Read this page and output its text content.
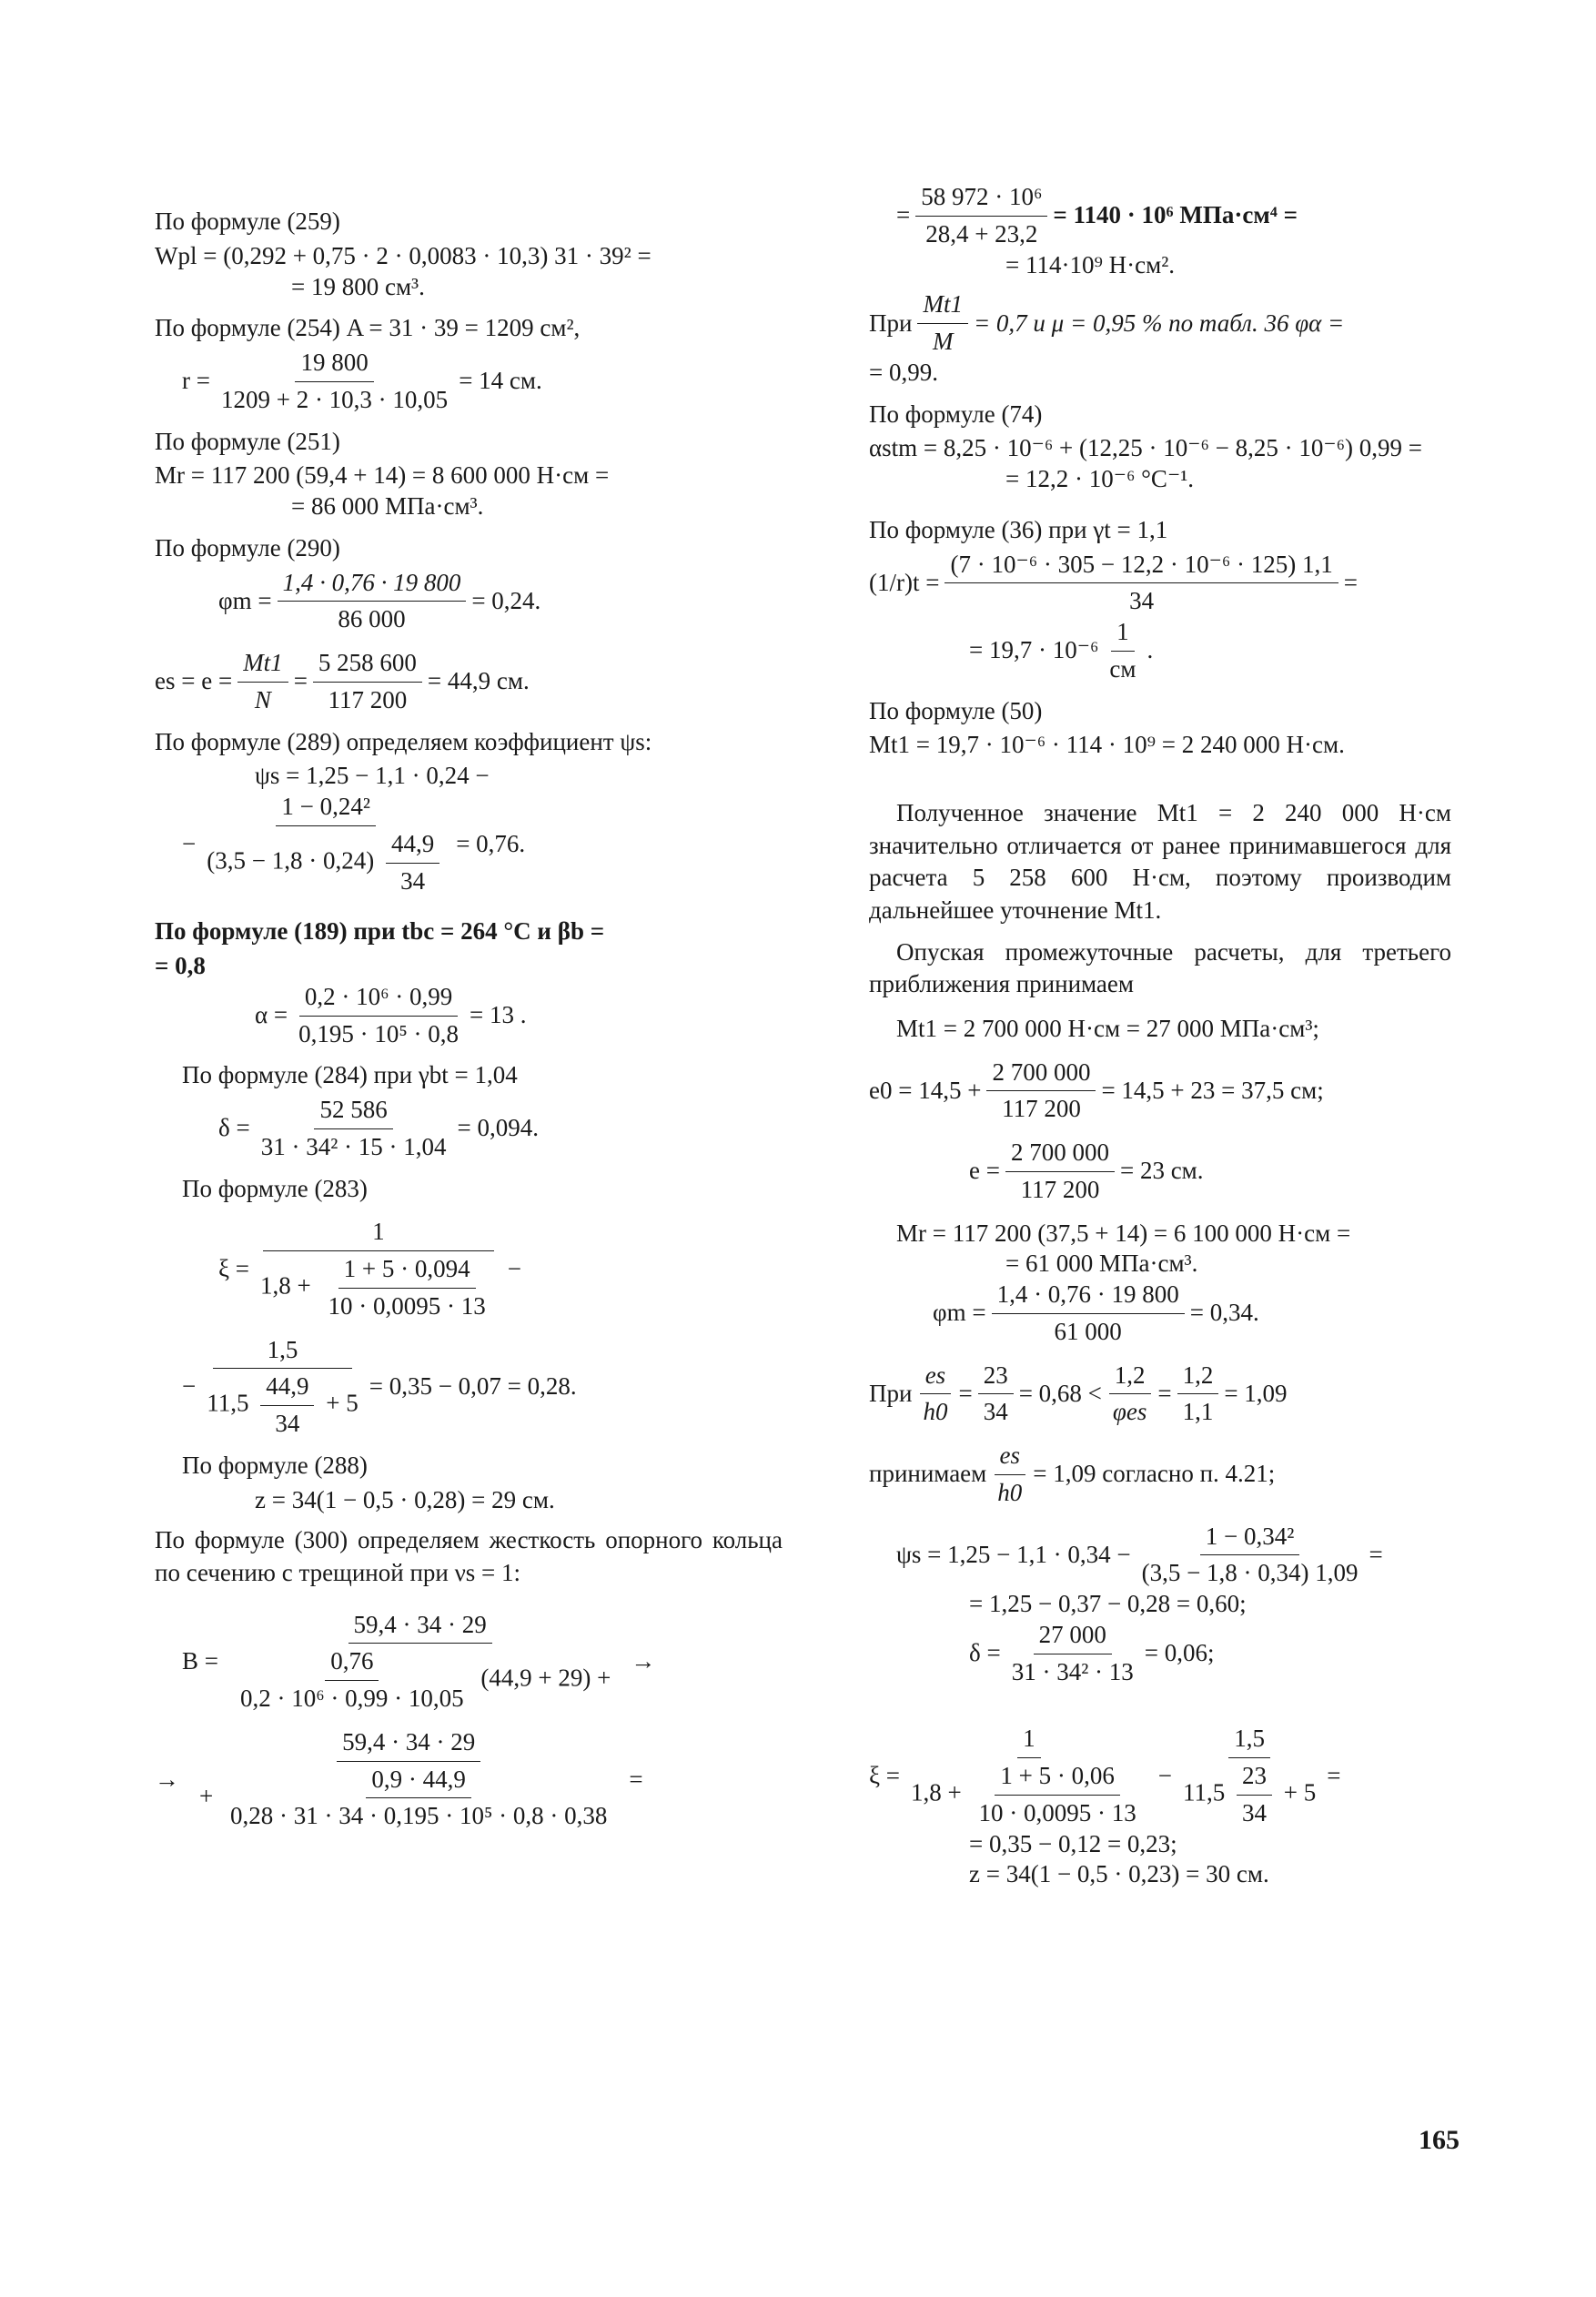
По формуле (259)
Wpl = (0,292 + 0,75 · 2 · 0,0083 · 10,3) 31 · 39² =
= 19 800 см³.
По формуле (254) A = 31 · 39 = 1209 см²,
$r = \frac{19 800}{1209 + 2 \cdot 10,3 \cdot 10,05} = 14$ см.
По формуле (251)
Mr = 117 200 (59,4 + 14) = 8 600 000 Н·см =
= 86 000 МПа·см³.
По формуле (290)
$\varphi m = \frac{1,4 \cdot 0,76 \cdot 19 800}{86 000} = 0,24$.
es = $e = \frac{Mt1}{N} = \frac{5 258 600}{117 200} = 44,9$ см.
По формуле (289) определяем коэффициент ψs:
ψs = 1,25 − 1,1 · 0,24 −
− $\frac{\text{1 − 0,24²}}{(3,5 - 1,8 \cdot 0,24) \frac{44,9}{34}} = 0,76$.
По формуле (189) при tbc = 264 °C и βb =
= 0,8
$\alpha = \frac{\text{0,2 · 10⁶ · 0,99}}{\text{0,195 · 10⁵ · 0,8}} = 13$ .
По формуле (284) при γbt = 1,04
$\delta = \frac{52 586}{\text{31 · 34² · 15 · 1,04}} = 0,094$.
По формуле (283)
ξ =
1
$1,8 + \frac{1 + 5 \cdot 0,094}{10 \cdot 0,0095 \cdot 13}$ −
−
1,5
$11,5 \frac{44,9}{34} + 5$
= 0,35 − 0,07 = 0,28.
По формуле (288)
z = 34(1 − 0,5 · 0,28) = 29 см.
По формуле (300) определяем жесткость опорного кольца по сечению с трещиной при νs = 1:
B =
59,4 · 34 · 29
$\frac{0,76}{\text{0,2 · 10⁶ · 0,99 · 10,05}} (44,9 + 29)$ +
→
→
59,4 · 34 · 29
+ $\frac{0,9 \cdot 44,9}{\text{0,28 · 31 · 34 · 0,195 · 10⁵ · 0,8 · 0,38}}$ =
= $\frac{\text{58 972 · 10⁶}}{28,4 + 23,2} = 1140 \cdot 10^6$ МПа·см⁴ =
= 114·10⁹ Н·см².
При $\frac{Mt1}{M} = 0,7$ и μ = 0,95 % по табл. 36 φα =
= 0,99.
По формуле (74)
αstm = 8,25 · 10⁻⁶ + (12,25 · 10⁻⁶ − 8,25 · 10⁻⁶) 0,99 =
= 12,2 · 10⁻⁶ °C⁻¹.
По формуле (36) при γt = 1,1
$(1/r)t = \frac{\text{(7 · 10⁻⁶ · 305 − 12,2 · 10⁻⁶ · 125) 1,1}}{34}$ =
= $19,7 \cdot 10^{-6} \frac{1}{см}$ .
По формуле (50)
Mt1 = 19,7 · 10⁻⁶ · 114 · 10⁹ = 2 240 000 Н·см.
Полученное значение Mt1 = 2 240 000 Н·см значительно отличается от ранее принимавшегося для расчета 5 258 600 Н·см, поэтому производим дальнейшее уточнение Mt1.
Опуская промежуточные расчеты, для третьего приближения принимаем
Mt1 = 2 700 000 Н·см = 27 000 МПа·см³;
$e0 = 14,5 + \frac{2 700 000}{117 200} = 14,5 + 23 = 37,5$ см;
$e = \frac{2 700 000}{117 200} = 23$ см.
Mr = 117 200 (37,5 + 14) = 6 100 000 Н·см =
= 61 000 МПа·см³.
$\varphi m = \frac{1,4 \cdot 0,76 \cdot 19 800}{61 000} = 0,34$.
При $\frac{es}{h0} = \frac{23}{34} = 0,68 < \frac{1,2}{\text{φes}} = \frac{1,2}{1,1} = 1,09$
принимаем $\frac{es}{h0} = 1,09$ согласно п. 4.21;
$\psi s = 1,25 - 1,1 \cdot 0,34 - \frac{\text{1 − 0,34²}}{(3,5 - 1,8 \cdot 0,34) 1,09}$ =
= 1,25 − 0,37 − 0,28 = 0,60;
$\delta = \frac{27 000}{\text{31 · 34² · 13}} = 0,06$;
ξ =
1
$1,8 + \frac{1 + 5 \cdot 0,06}{10 \cdot 0,0095 \cdot 13} - \frac{1,5}{11,5 \frac{23}{34} + 5}$ =
= 0,35 − 0,12 = 0,23;
z = 34(1 − 0,5 · 0,23) = 30 см.
165
